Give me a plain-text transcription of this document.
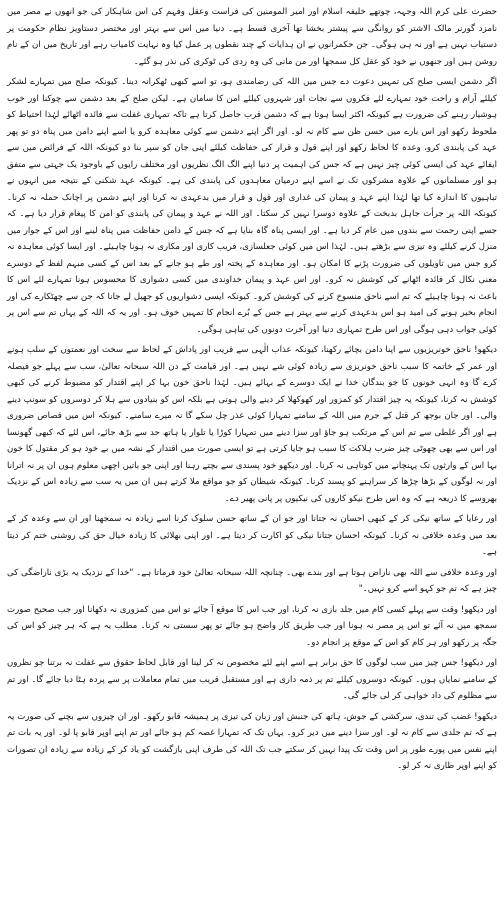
حضرت علی کرم اللہ وجہہ، چوتھے خلیفہ اسلام اور امیر المومنین کی فراست وعقل وفہم کی اس شاہکار کی جو انھوں نے مصر میں نامزد گورنر مالک الاشتر کو روانگی سے پیشتر بخشا تھا آخری قسط ہے۔ دنیا میں اس سے بہتر اور مختصر دستاویز نظام حکومت پر دستیاب نہیں ہے اور نہ ہی ہوگی۔ جن حکمرانوں نے ان ہدایات کے چند نقطوں پر عمل کیا وہ نہایت کامیاب رہے اور تاریخ میں ان کے نام روشن ہیں اور جنھوں نے خود کو عقل کل سمجھا اور من مانی کی وہ ردی کی ٹوکری کی نذر ہو گئے۔

اگر دشمن ایسی صلح کی تمہیں دعوت دے جس میں اللہ کی رضامندی ہو، تو اسے کبھی ٹھکرانہ دینا۔ کیونکہ صلح میں تمہارے لشکر کیلئے آرام و راحت خود تمہارے لئے فکروں سے نجات اور شہروں کیلئے امن کا سامان ہے۔ لیکن صلح کے بعد دشمن سے چوکنا اور خوب ہوشیار رہنے کی ضرورت ہے کیونکہ اکثر ایسا ہوتا ہے کہ دشمن قرب حاصل کرتا ہے تاکہ تمہاری غفلت سے فائدہ اٹھائے لہٰذا احتیاط کو ملحوظ رکھو اور اس بارے میں حسن ظن سے کام نہ لو۔ اور اگر اپنے دشمن سے کوئی معاہدہ کرو یا اسے اپنے دامن میں پناہ دو تو پھر عہد کی پابندی کرو، وعدہ کا لحاظ رکھو اور اپنے قول و قرار کی حفاظت کیلئے اپنی جان کو سپر بنا دو کیونکہ اللہ کے فرائض میں سے ایفائے عہد کی ایسی کوئی چیز نہیں ہے کہ جس کی اہمیت پر دنیا اپنے الگ الگ نظریوں اور مختلف رایوں کے باوجود یک جہتی سے متفق ہو اور مسلمانوں کے علاوہ مشرکوں تک نے اسے اپنے درمیان معاہدوں کی پابندی کی ہے۔ کیونکہ عہد شکنی کے نتیجہ میں انہوں نے تباہیوں کا اندازہ کیا تھا لہٰذا اپنے عہد و پیمان کی غداری اور قول و قرار میں بدعہدی نہ کرنا اور اپنے دشمن پر اچانک حملہ نہ کرنا۔ کیونکہ اللہ پر جرأت جاہل بدبخت کے علاوہ دوسرا نہیں کر سکتا۔ اور اللہ نے عہد و پیمان کی پابندی کو امن کا پیغام قرار دیا ہے۔ کہ جسے اپنی رحمت سے بندوں میں عام کر دیا ہے۔ اور ایسی پناہ گاہ بنایا ہے کہ جس کے دامن حفاظت میں پناہ لینے اور اس کے جوار میں منزل کرنے کیلئے وہ تیزی سے بڑھتے ہیں۔ لہٰذا اس میں کوئی جعلسازی، فریب کاری اور مکاری نہ ہونا چاہیئے۔ اور ایسا کوئی معاہدہ نہ کرو جس میں تاویلوں کی ضرورت پڑنے کا امکان ہو۔ اور معاہدہ کے پختہ اور طے ہو جانے کے بعد اس کے کسی مبہم لفظ کے دوسرے معنی نکال کر فائدہ اٹھانے کی کوشش نہ کرو۔ اور اس عہد و پیمان خداوندی میں کسی دشواری کا محسوس ہونا تمہارے لئے اس کا باعث نہ ہونا چاہیئے کہ تم اسے ناحق منسوخ کرنے کی کوشش کرو۔ کیونکہ ایسی دشواریوں کو جھیل لے جانا کہ جن سے چھٹکارے کی اور انجام بخیر ہونے کی امید ہو اس بدعہدی کرنے سے بہتر ہے جس کے بُرے انجام کا تمہیں خوف ہو۔ اور یہ کہ اللہ کے یہاں تم سے اس پر کوئی جواب دہی ہوگی اور اس طرح تمہاری دنیا اور آخرت دونوں کی تباہی ہوگی۔

دیکھو! ناحق خونریزیوں سے اپنا دامن بچائے رکھنا، کیونکہ عذاب الٰہی سے قریب اور پاداش کے لحاظ سے سخت اور نعمتوں کے سلب ہونے اور عمر کے خاتمہ کا سبب ناحق خونریزی سے زیادہ کوئی شے نہیں ہے۔ اور قیامت کے دن اللہ سبحانہ تعالیٰ، سب سے پہلے جو فیصلہ کرے گا وہ انہی خونوں کا جو بندگان خدا نے ایک دوسرے کے بہائے ہیں۔ لہٰذا ناحق خون بہا کر اپنے اقتدار کو مضبوط کرنے کی کبھی کوشش نہ کرنا، کیونکہ یہ چیز اقتدار کو کمزور اور کھوکھلا کر دینے والی ہوتی ہے بلکہ اس کو بنیادوں سے ہلا کر دوسروں کو سونپ دینے والی۔ اور جان بوجھ کر قتل کے جرم میں اللہ کے سامنے تمہارا کوئی عذر چل سکے گا نہ میرے سامنے۔ کیونکہ اس میں قصاص ضروری ہے اور اگر غلطی سے تم اس کے مرتکب ہو جاؤ اور سزا دینے میں تمہارا کوڑا یا تلوار یا ہاتھ حد سے بڑھ جائے، اس لئے کہ کبھی گھونسا اور اس سے بھی چھوٹی چیز ضرب ہلاکت کا سبب ہو جایا کرتی ہے تو ایسی صورت میں اقتدار کے نشہ میں بے خود ہو کر مقتول کا خون بہا اس کے وارثوں تک پہنچانے میں کوتاہی نہ کرنا۔ اور دیکھو خود پسندی سے بچتے رہنا اور اپنی جو باتیں اچھی معلوم ہوں ان پر نہ اترانا اور نہ لوگوں کے بڑھا چڑھا کر سراہنے کو پسند کرنا۔ کیونکہ شیطان کو جو مواقع ملا کرتے ہیں ان میں یہ سب سے زیادہ اس کے نزدیک بھروسے کا ذریعہ ہے کہ وہ اس طرح نیکو کاروں کی نیکیوں پر پانی پھیر دے۔

اور رعایا کے ساتھ نیکی کر کے کبھی احسان نہ جتانا اور جو ان کے ساتھ حسن سلوک کرنا اسے زیادہ نہ سمجھنا اور ان سے وعدہ کر کے بعد میں وعدہ خلافی نہ کرنا۔ کیونکہ احسان جتانا نیکی کو اکارت کر دیتا ہے۔ اور اپنی بھلائی کا زیادہ خیال حق کی روشنی ختم کر دیتا ہے۔

اور وعدہ خلافی سے اللہ بھی ناراض ہوتا ہے اور بندے بھی۔ چنانچہ اللہ سبحانہ تعالیٰ خود فرماتا ہے۔ "خدا کے نزدیک یہ بڑی ناراضگی کی چیز ہے کہ تم جو کہو اسے کرو نہیں۔"

اور دیکھو! وقت سے پہلے کسی کام میں جلد بازی نہ کرنا، اور جب اس کا موقع آ جائے تو اس میں کمزوری نہ دکھانا اور جب صحیح صورت سمجھ میں نہ آئے تو اس پر مصر نہ ہونا اور جب طریق کار واضح ہو جائے تو پھر سستی نہ کرنا۔ مطلب یہ ہے کہ ہر چیز کو اس کی جگہ پر رکھو اور ہر کام کو اس کے موقع پر انجام دو۔

اور دیکھو! جس چیز میں سب لوگوں کا حق برابر ہے اسے اپنے لئے مخصوص نہ کر لینا اور قابل لحاظ حقوق سے غفلت نہ برتنا جو نظروں کے سامنے نمایاں ہوں۔ کیونکہ دوسروں کیلئے تم پر ذمہ داری ہے اور مستقبل قریب میں تمام معاملات پر سے پردہ ہٹا دیا جائے گا۔ اور تم سے مظلوم کی داد خواہی کر لی جائے گی۔

دیکھو! غضب کی تندی، سرکشی کے جوش، ہاتھ کی جنبش اور زبان کی تیزی پر ہمیشہ قابو رکھو۔ اور ان چیزوں سے بچنے کی صورت یہ ہے کہ تم جلدی سے کام نہ لو۔ اور سزا دینے میں دیر کرو۔ یہاں تک کہ تمہارا غصہ کم ہو جائے اور تم اپنے اوپر قابو پا لو۔ اور یہ بات تم اپنے نفس میں پورے طور پر اس وقت تک پیدا نہیں کر سکتے جب تک اللہ کی طرف اپنی بازگشت کو یاد کر کے زیادہ سے زیادہ ان تصورات کو اپنے اوپر طاری نہ کر لو۔
